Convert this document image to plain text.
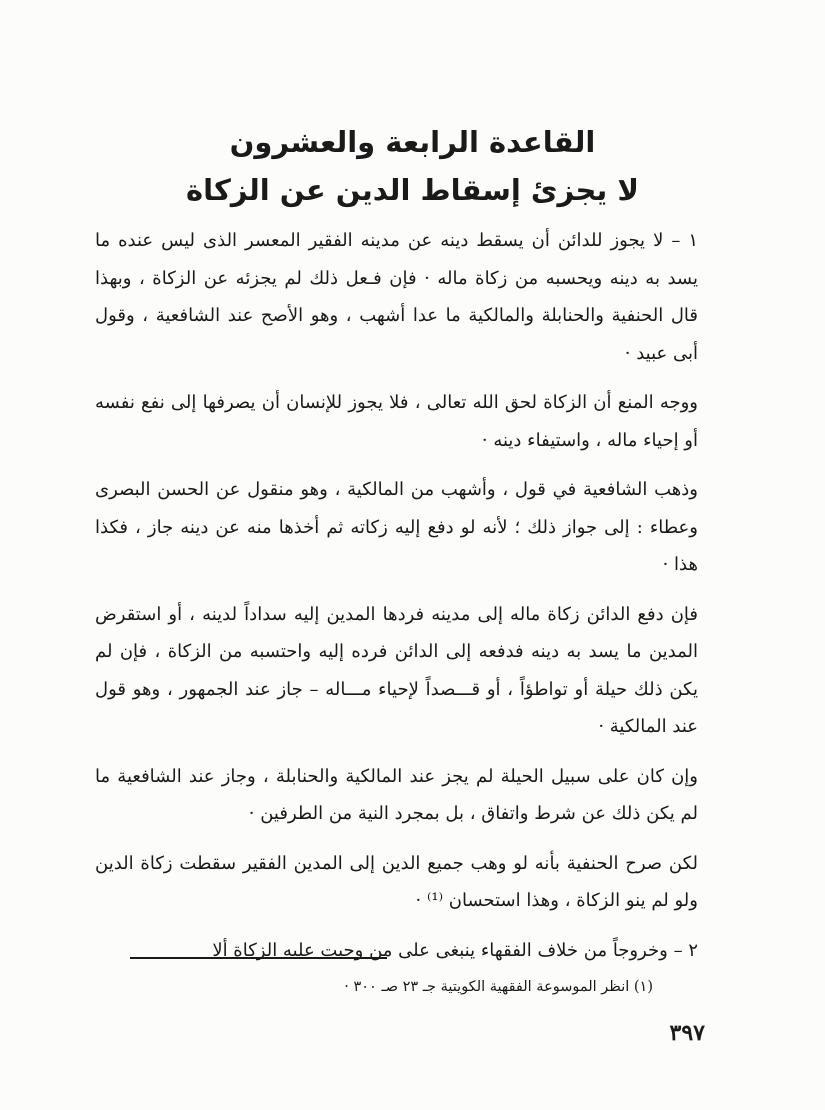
القاعدة الرابعة والعشرون
لا يجزئ إسقاط الدين عن الزكاة

١ – لا يجوز للدائن أن يسقط دينه عن مدينه الفقير المعسر الذى ليس عنده ما يسد به دينه ويحسبه من زكاة ماله · فإن فـعل ذلك لم يجزئه عن الزكاة ، وبهذا قال الحنفية والحنابلة والمالكية ما عدا أشهب ، وهو الأصح عند الشافعية ، وقول أبى عبيد ·

ووجه المنع أن الزكاة لحق الله تعالى ، فلا يجوز للإنسان أن يصرفها إلى نفع نفسه أو إحياء ماله ، واستيفاء دينه ·

وذهب الشافعية في قول ، وأشهب من المالكية ، وهو منقول عن الحسن البصرى وعطاء : إلى جواز ذلك ؛ لأنه لو دفع إليه زكاته ثم أخذها منه عن دينه جاز ، فكذا هذا ·

فإن دفع الدائن زكاة ماله إلى مدينه فردها المدين إليه سداداً لدينه ، أو استقرض المدين ما يسد به دينه فدفعه إلى الدائن فرده إليه واحتسبه من الزكاة ، فإن لم يكن ذلك حيلة أو تواطؤاً ، أو قـــصداً لإحياء مـــاله – جاز عند الجمهور ، وهو قول عند المالكية ·

وإن كان على سبيل الحيلة لم يجز عند المالكية والحنابلة ، وجاز عند الشافعية ما لم يكن ذلك عن شرط واتفاق ، بل بمجرد النية من الطرفين ·

لكن صرح الحنفية بأنه لو وهب جميع الدين إلى المدين الفقير سقطت زكاة الدين ولو لم ينو الزكاة ، وهذا استحسان ⁽¹⁾ ·

٢ – وخروجاً من خلاف الفقهاء ينبغى على من وجبت عليه الزكاة ألا

(١) انظر الموسوعة الفقهية الكويتية جـ ٢٣ صـ ٣٠٠ ·

٣٩٧
